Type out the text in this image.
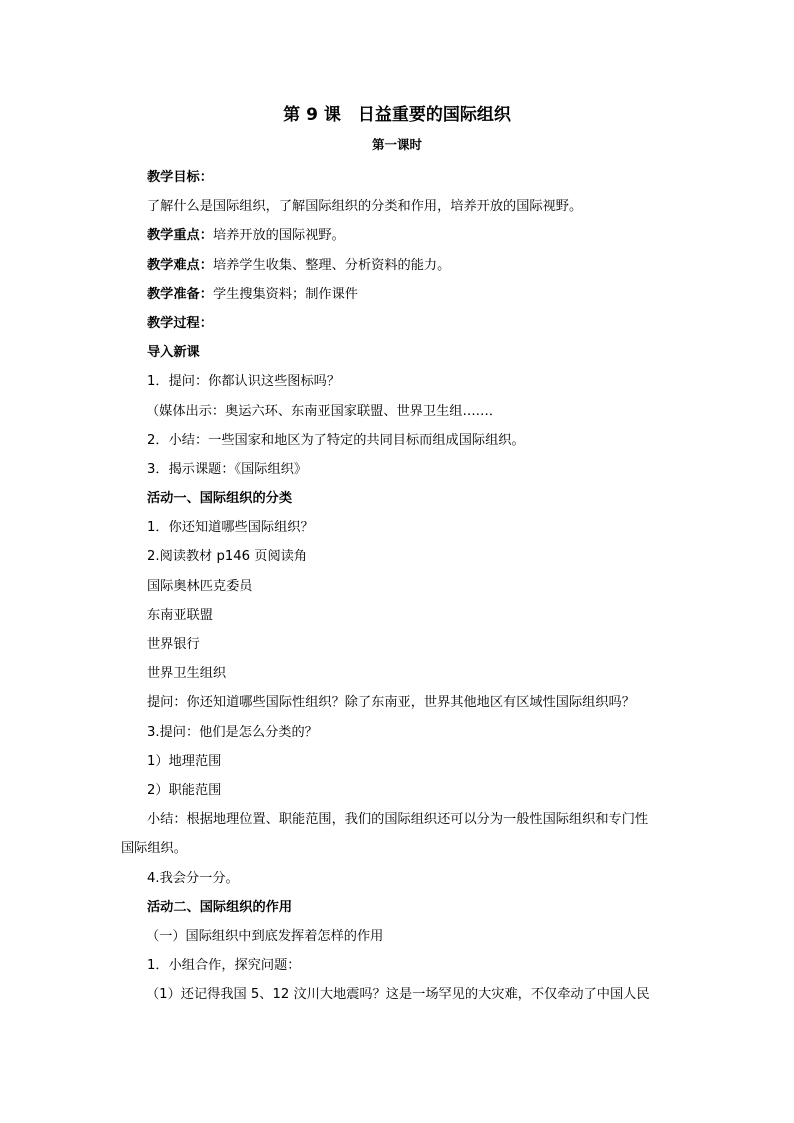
第 9 课　日益重要的国际组织
第一课时
教学目标：
了解什么是国际组织，了解国际组织的分类和作用，培养开放的国际视野。
教学重点：培养开放的国际视野。
教学难点：培养学生收集、整理、分析资料的能力。
教学准备：学生搜集资料；制作课件
教学过程：
导入新课
1．提问：你都认识这些图标吗？
（媒体出示：奥运六环、东南亚国家联盟、世界卫生组……．
2．小结：一些国家和地区为了特定的共同目标而组成国际组织。
3．揭示课题：《国际组织》
活动一、国际组织的分类
1．你还知道哪些国际组织？
2.阅读教材 p146 页阅读角
国际奥林匹克委员
东南亚联盟
世界银行
世界卫生组织
提问：你还知道哪些国际性组织？除了东南亚，世界其他地区有区域性国际组织吗？
3.提问：他们是怎么分类的？
1）地理范围
2）职能范围
小结：根据地理位置、职能范围，我们的国际组织还可以分为一般性国际组织和专门性
国际组织。
4.我会分一分。
活动二、国际组织的作用
（一）国际组织中到底发挥着怎样的作用
1．小组合作，探究问题：
（1）还记得我国 5、12 汶川大地震吗？这是一场罕见的大灾难，不仅牵动了中国人民
